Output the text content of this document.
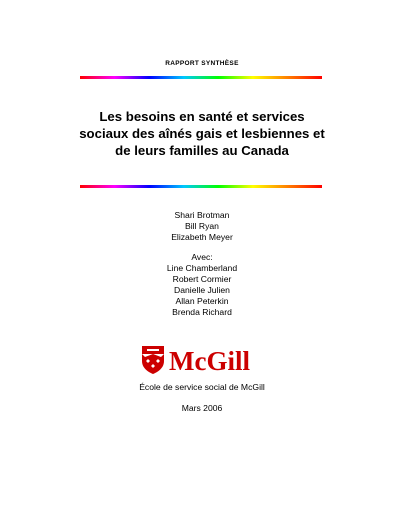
RAPPORT SYNTHÈSE
Les besoins en santé et services
sociaux des aînés gais et lesbiennes et
de leurs familles au Canada
Shari Brotman
Bill Ryan
Elizabeth Meyer
Avec:
Line Chamberland
Robert Cormier
Danielle Julien
Allan Peterkin
Brenda Richard
McGill
École de service social de McGill
Mars 2006
